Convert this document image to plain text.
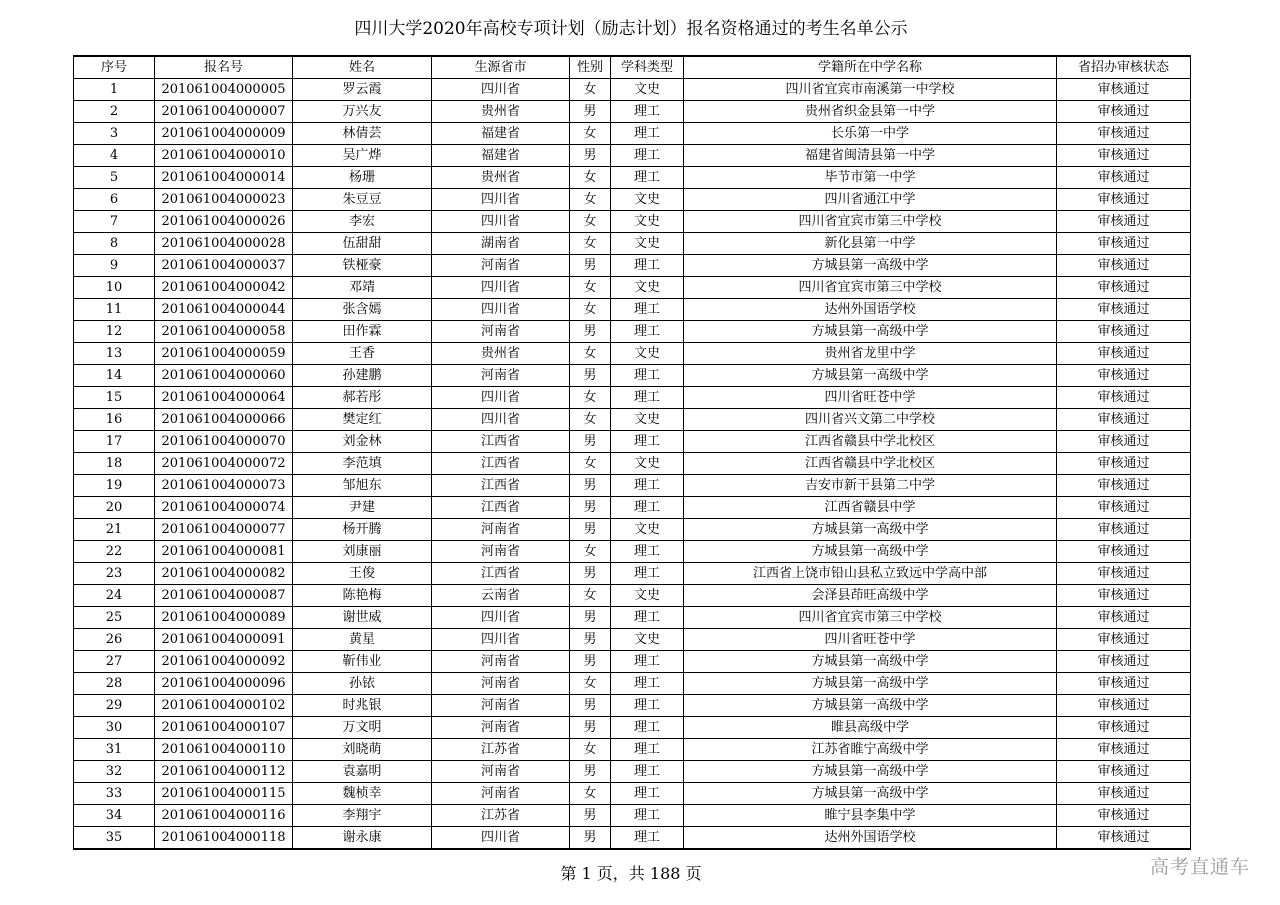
四川大学2020年高校专项计划（励志计划）报名资格通过的考生名单公示
序号	报名号	姓名	生源省市	性别	学科类型	学籍所在中学名称	省招办审核状态
1	201061004000005	罗云霞	四川省	女	文史	四川省宜宾市南溪第一中学校	审核通过
2	201061004000007	万兴友	贵州省	男	理工	贵州省织金县第一中学	审核通过
3	201061004000009	林倩芸	福建省	女	理工	长乐第一中学	审核通过
4	201061004000010	吴广烨	福建省	男	理工	福建省闽清县第一中学	审核通过
5	201061004000014	杨珊	贵州省	女	理工	毕节市第一中学	审核通过
6	201061004000023	朱豆豆	四川省	女	文史	四川省通江中学	审核通过
7	201061004000026	李宏	四川省	女	文史	四川省宜宾市第三中学校	审核通过
8	201061004000028	伍甜甜	湖南省	女	文史	新化县第一中学	审核通过
9	201061004000037	铁桠豪	河南省	男	理工	方城县第一高级中学	审核通过
10	201061004000042	邓靖	四川省	女	文史	四川省宜宾市第三中学校	审核通过
11	201061004000044	张含嫣	四川省	女	理工	达州外国语学校	审核通过
12	201061004000058	田作霖	河南省	男	理工	方城县第一高级中学	审核通过
13	201061004000059	王香	贵州省	女	文史	贵州省龙里中学	审核通过
14	201061004000060	孙建鹏	河南省	男	理工	方城县第一高级中学	审核通过
15	201061004000064	郝若彤	四川省	女	理工	四川省旺苍中学	审核通过
16	201061004000066	樊定红	四川省	女	文史	四川省兴文第二中学校	审核通过
17	201061004000070	刘金林	江西省	男	理工	江西省赣县中学北校区	审核通过
18	201061004000072	李范填	江西省	女	文史	江西省赣县中学北校区	审核通过
19	201061004000073	邹旭东	江西省	男	理工	吉安市新干县第二中学	审核通过
20	201061004000074	尹建	江西省	男	理工	江西省赣县中学	审核通过
21	201061004000077	杨开腾	河南省	男	文史	方城县第一高级中学	审核通过
22	201061004000081	刘康丽	河南省	女	理工	方城县第一高级中学	审核通过
23	201061004000082	王俊	江西省	男	理工	江西省上饶市铅山县私立致远中学高中部	审核通过
24	201061004000087	陈艳梅	云南省	女	文史	会泽县茚旺高级中学	审核通过
25	201061004000089	谢世威	四川省	男	理工	四川省宜宾市第三中学校	审核通过
26	201061004000091	黄星	四川省	男	文史	四川省旺苍中学	审核通过
27	201061004000092	靳伟业	河南省	男	理工	方城县第一高级中学	审核通过
28	201061004000096	孙铱	河南省	女	理工	方城县第一高级中学	审核通过
29	201061004000102	时兆银	河南省	男	理工	方城县第一高级中学	审核通过
30	201061004000107	万文明	河南省	男	理工	睢县高级中学	审核通过
31	201061004000110	刘晓萌	江苏省	女	理工	江苏省睢宁高级中学	审核通过
32	201061004000112	袁嘉明	河南省	男	理工	方城县第一高级中学	审核通过
33	201061004000115	魏桢幸	河南省	女	理工	方城县第一高级中学	审核通过
34	201061004000116	李翔宇	江苏省	男	理工	睢宁县李集中学	审核通过
35	201061004000118	谢永康	四川省	男	理工	达州外国语学校	审核通过
第 1 页，共 188 页	高考直通车
